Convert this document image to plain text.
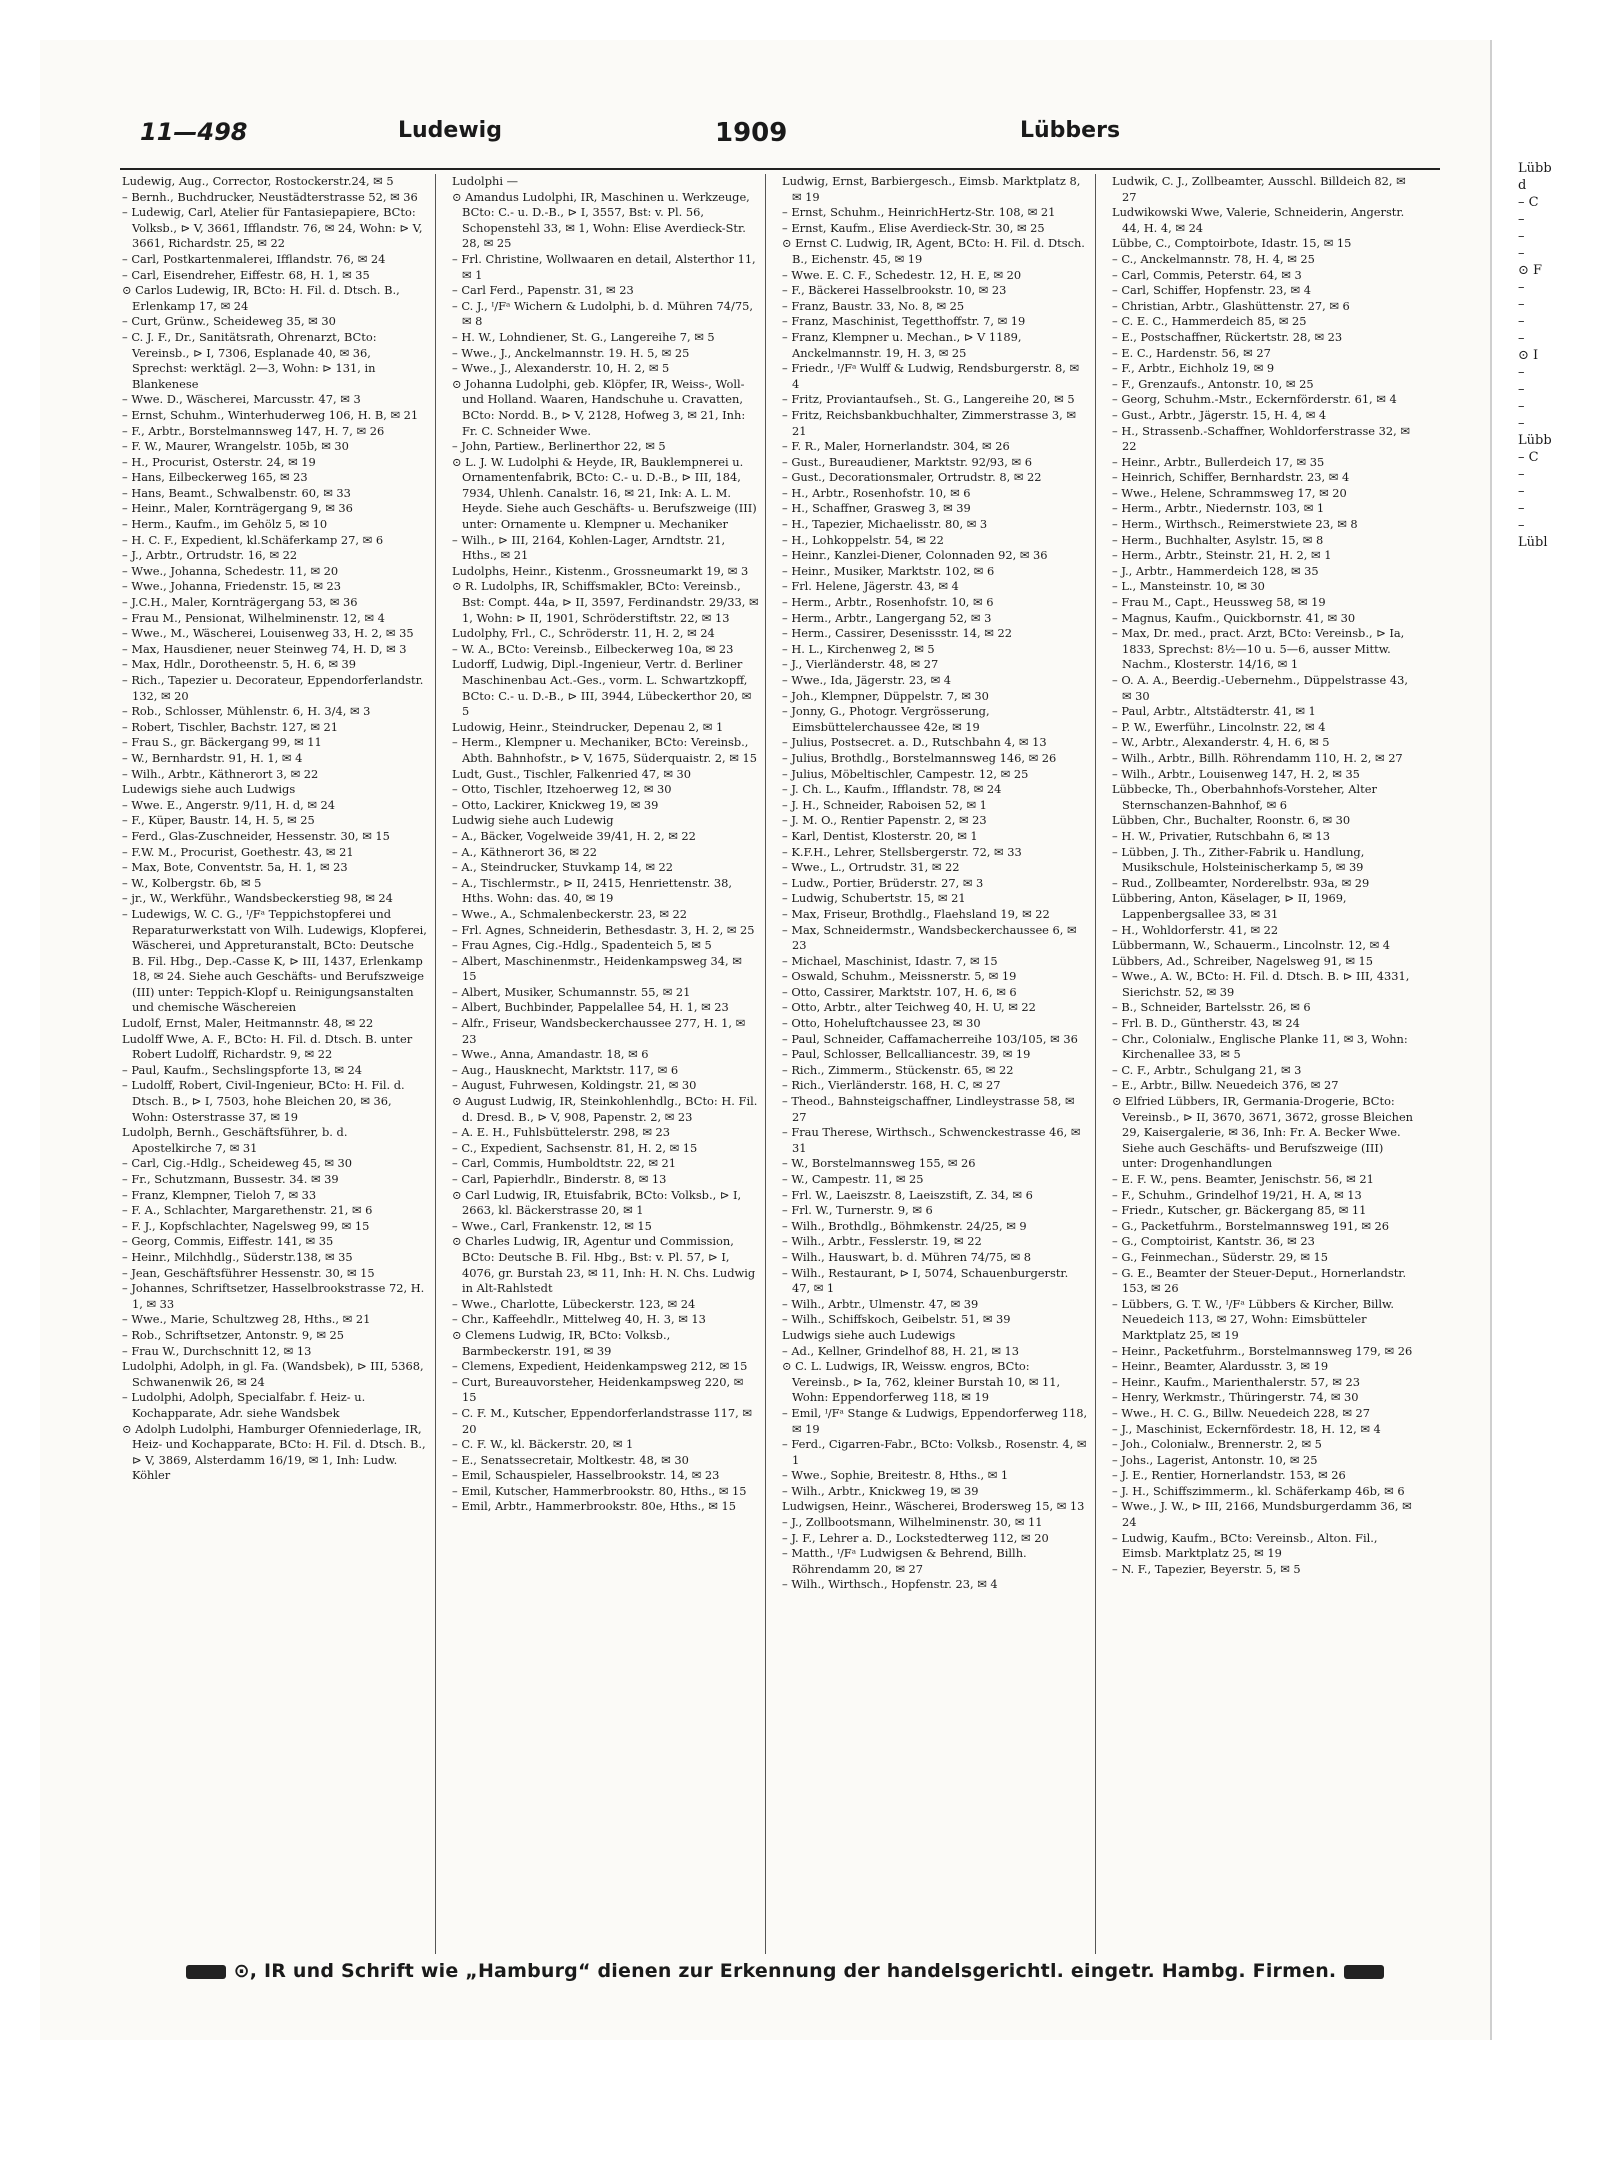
11—498	Ludewig	1909	Lübbers

Ludewig, Aug., Corrector, Rostockerstr.24, ✉ 5

– Bernh., Buchdrucker, Neustädterstrasse 52, ✉ 36

– Ludewig, Carl, Atelier für Fantasiepapiere, BCto: Volksb., ⊳ V, 3661, Ifflandstr. 76, ✉ 24, Wohn: ⊳ V, 3661, Richardstr. 25, ✉ 22

– Carl, Postkartenmalerei, Ifflandstr. 76, ✉ 24

– Carl, Eisendreher, Eiffestr. 68, H. 1, ✉ 35

⊙ Carlos Ludewig, IR, BCto: H. Fil. d. Dtsch. B., Erlenkamp 17, ✉ 24

– Curt, Grünw., Scheideweg 35, ✉ 30

– C. J. F., Dr., Sanitätsrath, Ohrenarzt, BCto: Vereinsb., ⊳ I, 7306, Esplanade 40, ✉ 36, Sprechst: werktägl. 2—3, Wohn: ⊳ 131, in Blankenese

– Wwe. D., Wäscherei, Marcusstr. 47, ✉ 3

– Ernst, Schuhm., Winterhuderweg 106, H. B, ✉ 21

– F., Arbtr., Borstelmannsweg 147, H. 7, ✉ 26

– F. W., Maurer, Wrangelstr. 105b, ✉ 30

– H., Procurist, Osterstr. 24, ✉ 19

– Hans, Eilbeckerweg 165, ✉ 23

– Hans, Beamt., Schwalbenstr. 60, ✉ 33

– Heinr., Maler, Kornträgergang 9, ✉ 36

– Herm., Kaufm., im Gehölz 5, ✉ 10

– H. C. F., Expedient, kl.Schäferkamp 27, ✉ 6

– J., Arbtr., Ortrudstr. 16, ✉ 22

– Wwe., Johanna, Schedestr. 11, ✉ 20

– Wwe., Johanna, Friedenstr. 15, ✉ 23

– J.C.H., Maler, Kornträgergang 53, ✉ 36

– Frau M., Pensionat, Wilhelminenstr. 12, ✉ 4

– Wwe., M., Wäscherei, Louisenweg 33, H. 2, ✉ 35

– Max, Hausdiener, neuer Steinweg 74, H. D, ✉ 3

– Max, Hdlr., Dorotheenstr. 5, H. 6, ✉ 39

– Rich., Tapezier u. Decorateur, Eppendorferlandstr. 132, ✉ 20

– Rob., Schlosser, Mühlenstr. 6, H. 3/4, ✉ 3

– Robert, Tischler, Bachstr. 127, ✉ 21

– Frau S., gr. Bäckergang 99, ✉ 11

– W., Bernhardstr. 91, H. 1, ✉ 4

– Wilh., Arbtr., Käthnerort 3, ✉ 22

Ludewigs siehe auch Ludwigs

– Wwe. E., Angerstr. 9/11, H. d, ✉ 24

– F., Küper, Baustr. 14, H. 5, ✉ 25

– Ferd., Glas-Zuschneider, Hessenstr. 30, ✉ 15

– F.W. M., Procurist, Goethestr. 43, ✉ 21

– Max, Bote, Conventstr. 5a, H. 1, ✉ 23

– W., Kolbergstr. 6b, ✉ 5

– jr., W., Werkführ., Wandsbeckerstieg 98, ✉ 24

– Ludewigs, W. C. G., ᴵ/Fᵃ Teppichstopferei und Reparaturwerkstatt von Wilh. Ludewigs, Klopferei, Wäscherei, und Appreturanstalt, BCto: Deutsche B. Fil. Hbg., Dep.-Casse K, ⊳ III, 1437, Erlenkamp 18, ✉ 24. Siehe auch Geschäfts- und Berufszweige (III) unter: Teppich-Klopf u. Reinigungsanstalten und chemische Wäschereien

Ludolf, Ernst, Maler, Heitmannstr. 48, ✉ 22

Ludolff Wwe, A. F., BCto: H. Fil. d. Dtsch. B. unter Robert Ludolff, Richardstr. 9, ✉ 22

– Paul, Kaufm., Sechslingspforte 13, ✉ 24

– Ludolff, Robert, Civil-Ingenieur, BCto: H. Fil. d. Dtsch. B., ⊳ I, 7503, hohe Bleichen 20, ✉ 36, Wohn: Osterstrasse 37, ✉ 19

Ludolph, Bernh., Geschäftsführer, b. d. Apostelkirche 7, ✉ 31

– Carl, Cig.-Hdlg., Scheideweg 45, ✉ 30

– Fr., Schutzmann, Bussestr. 34. ✉ 39

– Franz, Klempner, Tieloh 7, ✉ 33

– F. A., Schlachter, Margarethenstr. 21, ✉ 6

– F. J., Kopfschlachter, Nagelsweg 99, ✉ 15

– Georg, Commis, Eiffestr. 141, ✉ 35

– Heinr., Milchhdlg., Süderstr.138, ✉ 35

– Jean, Geschäftsführer Hessenstr. 30, ✉ 15

– Johannes, Schriftsetzer, Hasselbrookstrasse 72, H. 1, ✉ 33

– Wwe., Marie, Schultzweg 28, Hths., ✉ 21

– Rob., Schriftsetzer, Antonstr. 9, ✉ 25

– Frau W., Durchschnitt 12, ✉ 13

Ludolphi, Adolph, in gl. Fa. (Wandsbek), ⊳ III, 5368, Schwanenwik 26, ✉ 24

– Ludolphi, Adolph, Specialfabr. f. Heiz- u. Kochapparate, Adr. siehe Wandsbek

⊙ Adolph Ludolphi, Hamburger Ofenniederlage, IR, Heiz- und Kochapparate, BCto: H. Fil. d. Dtsch. B., ⊳ V, 3869, Alsterdamm 16/19, ✉ 1, Inh: Ludw. Köhler

Ludolphi —

⊙ Amandus Ludolphi, IR, Maschinen u. Werkzeuge, BCto: C.- u. D.-B., ⊳ I, 3557, Bst: v. Pl. 56, Schopenstehl 33, ✉ 1, Wohn: Elise Averdieck-Str. 28, ✉ 25

– Frl. Christine, Wollwaaren en detail, Alsterthor 11, ✉ 1

– Carl Ferd., Papenstr. 31, ✉ 23

– C. J., ᴵ/Fᵃ Wichern & Ludolphi, b. d. Mühren 74/75, ✉ 8

– H. W., Lohndiener, St. G., Langereihe 7, ✉ 5

– Wwe., J., Anckelmannstr. 19. H. 5, ✉ 25

– Wwe., J., Alexanderstr. 10, H. 2, ✉ 5

⊙ Johanna Ludolphi, geb. Klöpfer, IR, Weiss-, Woll- und Holland. Waaren, Handschuhe u. Cravatten, BCto: Nordd. B., ⊳ V, 2128, Hofweg 3, ✉ 21, Inh: Fr. C. Schneider Wwe.

– John, Partiew., Berlinerthor 22, ✉ 5

⊙ L. J. W. Ludolphi & Heyde, IR, Bauklempnerei u. Ornamentenfabrik, BCto: C.- u. D.-B., ⊳ III, 184, 7934, Uhlenh. Canalstr. 16, ✉ 21, Ink: A. L. M. Heyde. Siehe auch Geschäfts- u. Berufszweige (III) unter: Ornamente u. Klempner u. Mechaniker

– Wilh., ⊳ III, 2164, Kohlen-Lager, Arndtstr. 21, Hths., ✉ 21

Ludolphs, Heinr., Kistenm., Grossneumarkt 19, ✉ 3

⊙ R. Ludolphs, IR, Schiffsmakler, BCto: Vereinsb., Bst: Compt. 44a, ⊳ II, 3597, Ferdinandstr. 29/33, ✉ 1, Wohn: ⊳ II, 1901, Schröderstiftstr. 22, ✉ 13

Ludolphy, Frl., C., Schröderstr. 11, H. 2, ✉ 24

– W. A., BCto: Vereinsb., Eilbeckerweg 10a, ✉ 23

Ludorff, Ludwig, Dipl.-Ingenieur, Vertr. d. Berliner Maschinenbau Act.-Ges., vorm. L. Schwartzkopff, BCto: C.- u. D.-B., ⊳ III, 3944, Lübeckerthor 20, ✉ 5

Ludowig, Heinr., Steindrucker, Depenau 2, ✉ 1

– Herm., Klempner u. Mechaniker, BCto: Vereinsb., Abth. Bahnhofstr., ⊳ V, 1675, Süderquaistr. 2, ✉ 15

Ludt, Gust., Tischler, Falkenried 47, ✉ 30

– Otto, Tischler, Itzehoerweg 12, ✉ 30

– Otto, Lackirer, Knickweg 19, ✉ 39

Ludwig siehe auch Ludewig

– A., Bäcker, Vogelweide 39/41, H. 2, ✉ 22

– A., Käthnerort 36, ✉ 22

– A., Steindrucker, Stuvkamp 14, ✉ 22

– A., Tischlermstr., ⊳ II, 2415, Henriettenstr. 38, Hths. Wohn: das. 40, ✉ 19

– Wwe., A., Schmalenbeckerstr. 23, ✉ 22

– Frl. Agnes, Schneiderin, Bethesdastr. 3, H. 2, ✉ 25

– Frau Agnes, Cig.-Hdlg., Spadenteich 5, ✉ 5

– Albert, Maschinenmstr., Heidenkampsweg 34, ✉ 15

– Albert, Musiker, Schumannstr. 55, ✉ 21

– Albert, Buchbinder, Pappelallee 54, H. 1, ✉ 23

– Alfr., Friseur, Wandsbeckerchaussee 277, H. 1, ✉ 23

– Wwe., Anna, Amandastr. 18, ✉ 6

– Aug., Hausknecht, Marktstr. 117, ✉ 6

– August, Fuhrwesen, Koldingstr. 21, ✉ 30

⊙ August Ludwig, IR, Steinkohlenhdlg., BCto: H. Fil. d. Dresd. B., ⊳ V, 908, Papenstr. 2, ✉ 23

– A. E. H., Fuhlsbüttelerstr. 298, ✉ 23

– C., Expedient, Sachsenstr. 81, H. 2, ✉ 15

– Carl, Commis, Humboldtstr. 22, ✉ 21

– Carl, Papierhdlr., Binderstr. 8, ✉ 13

⊙ Carl Ludwig, IR, Etuisfabrik, BCto: Volksb., ⊳ I, 2663, kl. Bäckerstrasse 20, ✉ 1

– Wwe., Carl, Frankenstr. 12, ✉ 15

⊙ Charles Ludwig, IR, Agentur und Commission, BCto: Deutsche B. Fil. Hbg., Bst: v. Pl. 57, ⊳ I, 4076, gr. Burstah 23, ✉ 11, Inh: H. N. Chs. Ludwig in Alt-Rahlstedt

– Wwe., Charlotte, Lübeckerstr. 123, ✉ 24

– Chr., Kaffeehdlr., Mittelweg 40, H. 3, ✉ 13

⊙ Clemens Ludwig, IR, BCto: Volksb., Barmbeckerstr. 191, ✉ 39

– Clemens, Expedient, Heidenkampsweg 212, ✉ 15

– Curt, Bureauvorsteher, Heidenkampsweg 220, ✉ 15

– C. F. M., Kutscher, Eppendorferlandstrasse 117, ✉ 20

– C. F. W., kl. Bäckerstr. 20, ✉ 1

– E., Senatssecretair, Moltkestr. 48, ✉ 30

– Emil, Schauspieler, Hasselbrookstr. 14, ✉ 23

– Emil, Kutscher, Hammerbrookstr. 80, Hths., ✉ 15

– Emil, Arbtr., Hammerbrookstr. 80e, Hths., ✉ 15

Ludwig, Ernst, Barbiergesch., Eimsb. Marktplatz 8, ✉ 19

– Ernst, Schuhm., HeinrichHertz-Str. 108, ✉ 21

– Ernst, Kaufm., Elise Averdieck-Str. 30, ✉ 25

⊙ Ernst C. Ludwig, IR, Agent, BCto: H. Fil. d. Dtsch. B., Eichenstr. 45, ✉ 19

– Wwe. E. C. F., Schedestr. 12, H. E, ✉ 20

– F., Bäckerei Hasselbrookstr. 10, ✉ 23

– Franz, Baustr. 33, No. 8, ✉ 25

– Franz, Maschinist, Tegetthoffstr. 7, ✉ 19

– Franz, Klempner u. Mechan., ⊳ V 1189, Anckelmannstr. 19, H. 3, ✉ 25

– Friedr., ᴵ/Fᵃ Wulff & Ludwig, Rendsburgerstr. 8, ✉ 4

– Fritz, Proviantaufseh., St. G., Langereihe 20, ✉ 5

– Fritz, Reichsbankbuchhalter, Zimmerstrasse 3, ✉ 21

– F. R., Maler, Hornerlandstr. 304, ✉ 26

– Gust., Bureaudiener, Marktstr. 92/93, ✉ 6

– Gust., Decorationsmaler, Ortrudstr. 8, ✉ 22

– H., Arbtr., Rosenhofstr. 10, ✉ 6

– H., Schaffner, Grasweg 3, ✉ 39

– H., Tapezier, Michaelisstr. 80, ✉ 3

– H., Lohkoppelstr. 54, ✉ 22

– Heinr., Kanzlei-Diener, Colonnaden 92, ✉ 36

– Heinr., Musiker, Marktstr. 102, ✉ 6

– Frl. Helene, Jägerstr. 43, ✉ 4

– Herm., Arbtr., Rosenhofstr. 10, ✉ 6

– Herm., Arbtr., Langergang 52, ✉ 3

– Herm., Cassirer, Desenissstr. 14, ✉ 22

– H. L., Kirchenweg 2, ✉ 5

– J., Vierländerstr. 48, ✉ 27

– Wwe., Ida, Jägerstr. 23, ✉ 4

– Joh., Klempner, Düppelstr. 7, ✉ 30

– Jonny, G., Photogr. Vergrösserung, Eimsbüttelerchaussee 42e, ✉ 19

– Julius, Postsecret. a. D., Rutschbahn 4, ✉ 13

– Julius, Brothdlg., Borstelmannsweg 146, ✉ 26

– Julius, Möbeltischler, Campestr. 12, ✉ 25

– J. Ch. L., Kaufm., Ifflandstr. 78, ✉ 24

– J. H., Schneider, Raboisen 52, ✉ 1

– J. M. O., Rentier Papenstr. 2, ✉ 23

– Karl, Dentist, Klosterstr. 20, ✉ 1

– K.F.H., Lehrer, Stellsbergerstr. 72, ✉ 33

– Wwe., L., Ortrudstr. 31, ✉ 22

– Ludw., Portier, Brüderstr. 27, ✉ 3

– Ludwig, Schubertstr. 15, ✉ 21

– Max, Friseur, Brothdlg., Flaehsland 19, ✉ 22

– Max, Schneidermstr., Wandsbeckerchaussee 6, ✉ 23

– Michael, Maschinist, Idastr. 7, ✉ 15

– Oswald, Schuhm., Meissnerstr. 5, ✉ 19

– Otto, Cassirer, Marktstr. 107, H. 6, ✉ 6

– Otto, Arbtr., alter Teichweg 40, H. U, ✉ 22

– Otto, Hoheluftchaussee 23, ✉ 30

– Paul, Schneider, Caffamacherreihe 103/105, ✉ 36

– Paul, Schlosser, Bellcalliancestr. 39, ✉ 19

– Rich., Zimmerm., Stückenstr. 65, ✉ 22

– Rich., Vierländerstr. 168, H. C, ✉ 27

– Theod., Bahnsteigschaffner, Lindleystrasse 58, ✉ 27

– Frau Therese, Wirthsch., Schwenckestrasse 46, ✉ 31

– W., Borstelmannsweg 155, ✉ 26

– W., Campestr. 11, ✉ 25

– Frl. W., Laeiszstr. 8, Laeiszstift, Z. 34, ✉ 6

– Frl. W., Turnerstr. 9, ✉ 6

– Wilh., Brothdlg., Böhmkenstr. 24/25, ✉ 9

– Wilh., Arbtr., Fesslerstr. 19, ✉ 22

– Wilh., Hauswart, b. d. Mühren 74/75, ✉ 8

– Wilh., Restaurant, ⊳ I, 5074, Schauenburgerstr. 47, ✉ 1

– Wilh., Arbtr., Ulmenstr. 47, ✉ 39

– Wilh., Schiffskoch, Geibelstr. 51, ✉ 39

Ludwigs siehe auch Ludewigs

– Ad., Kellner, Grindelhof 88, H. 21, ✉ 13

⊙ C. L. Ludwigs, IR, Weissw. engros, BCto: Vereinsb., ⊳ Ia, 762, kleiner Burstah 10, ✉ 11, Wohn: Eppendorferweg 118, ✉ 19

– Emil, ᴵ/Fᵃ Stange & Ludwigs, Eppendorferweg 118, ✉ 19

– Ferd., Cigarren-Fabr., BCto: Volksb., Rosenstr. 4, ✉ 1

– Wwe., Sophie, Breitestr. 8, Hths., ✉ 1

– Wilh., Arbtr., Knickweg 19, ✉ 39

Ludwigsen, Heinr., Wäscherei, Brodersweg 15, ✉ 13

– J., Zollbootsmann, Wilhelminenstr. 30, ✉ 11

– J. F., Lehrer a. D., Lockstedterweg 112, ✉ 20

– Matth., ᴵ/Fᵃ Ludwigsen & Behrend, Billh. Röhrendamm 20, ✉ 27

– Wilh., Wirthsch., Hopfenstr. 23, ✉ 4

Ludwik, C. J., Zollbeamter, Ausschl. Billdeich 82, ✉ 27

Ludwikowski Wwe, Valerie, Schneiderin, Angerstr. 44, H. 4, ✉ 24

Lübbe, C., Comptoirbote, Idastr. 15, ✉ 15

– C., Anckelmannstr. 78, H. 4, ✉ 25

– Carl, Commis, Peterstr. 64, ✉ 3

– Carl, Schiffer, Hopfenstr. 23, ✉ 4

– Christian, Arbtr., Glashüttenstr. 27, ✉ 6

– C. E. C., Hammerdeich 85, ✉ 25

– E., Postschaffner, Rückertstr. 28, ✉ 23

– E. C., Hardenstr. 56, ✉ 27

– F., Arbtr., Eichholz 19, ✉ 9

– F., Grenzaufs., Antonstr. 10, ✉ 25

– Georg, Schuhm.-Mstr., Eckernförderstr. 61, ✉ 4

– Gust., Arbtr., Jägerstr. 15, H. 4, ✉ 4

– H., Strassenb.-Schaffner, Wohldorferstrasse 32, ✉ 22

– Heinr., Arbtr., Bullerdeich 17, ✉ 35

– Heinrich, Schiffer, Bernhardstr. 23, ✉ 4

– Wwe., Helene, Schrammsweg 17, ✉ 20

– Herm., Arbtr., Niedernstr. 103, ✉ 1

– Herm., Wirthsch., Reimerstwiete 23, ✉ 8

– Herm., Buchhalter, Asylstr. 15, ✉ 8

– Herm., Arbtr., Steinstr. 21, H. 2, ✉ 1

– J., Arbtr., Hammerdeich 128, ✉ 35

– L., Mansteinstr. 10, ✉ 30

– Frau M., Capt., Heussweg 58, ✉ 19

– Magnus, Kaufm., Quickbornstr. 41, ✉ 30

– Max, Dr. med., pract. Arzt, BCto: Vereinsb., ⊳ Ia, 1833, Sprechst: 8½—10 u. 5—6, ausser Mittw. Nachm., Klosterstr. 14/16, ✉ 1

– O. A. A., Beerdig.-Uebernehm., Düppelstrasse 43, ✉ 30

– Paul, Arbtr., Altstädterstr. 41, ✉ 1

– P. W., Ewerführ., Lincolnstr. 22, ✉ 4

– W., Arbtr., Alexanderstr. 4, H. 6, ✉ 5

– Wilh., Arbtr., Billh. Röhrendamm 110, H. 2, ✉ 27

– Wilh., Arbtr., Louisenweg 147, H. 2, ✉ 35

Lübbecke, Th., Oberbahnhofs-Vorsteher, Alter Sternschanzen-Bahnhof, ✉ 6

Lübben, Chr., Buchalter, Roonstr. 6, ✉ 30

– H. W., Privatier, Rutschbahn 6, ✉ 13

– Lübben, J. Th., Zither-Fabrik u. Handlung, Musikschule, Holsteinischerkamp 5, ✉ 39

– Rud., Zollbeamter, Norderelbstr. 93a, ✉ 29

Lübbering, Anton, Käselager, ⊳ II, 1969, Lappenbergsallee 33, ✉ 31

– H., Wohldorferstr. 41, ✉ 22

Lübbermann, W., Schauerm., Lincolnstr. 12, ✉ 4

Lübbers, Ad., Schreiber, Nagelsweg 91, ✉ 15

– Wwe., A. W., BCto: H. Fil. d. Dtsch. B. ⊳ III, 4331, Sierichstr. 52, ✉ 39

– B., Schneider, Bartelsstr. 26, ✉ 6

– Frl. B. D., Güntherstr. 43, ✉ 24

– Chr., Colonialw., Englische Planke 11, ✉ 3, Wohn: Kirchenallee 33, ✉ 5

– C. F., Arbtr., Schulgang 21, ✉ 3

– E., Arbtr., Billw. Neuedeich 376, ✉ 27

⊙ Elfried Lübbers, IR, Germania-Drogerie, BCto: Vereinsb., ⊳ II, 3670, 3671, 3672, grosse Bleichen 29, Kaisergalerie, ✉ 36, Inh: Fr. A. Becker Wwe. Siehe auch Geschäfts- und Berufszweige (III) unter: Drogenhandlungen

– E. F. W., pens. Beamter, Jenischstr. 56, ✉ 21

– F., Schuhm., Grindelhof 19/21, H. A, ✉ 13

– Friedr., Kutscher, gr. Bäckergang 85, ✉ 11

– G., Packetfuhrm., Borstelmannsweg 191, ✉ 26

– G., Comptoirist, Kantstr. 36, ✉ 23

– G., Feinmechan., Süderstr. 29, ✉ 15

– G. E., Beamter der Steuer-Deput., Hornerlandstr. 153, ✉ 26

– Lübbers, G. T. W., ᴵ/Fᵃ Lübbers & Kircher, Billw. Neuedeich 113, ✉ 27, Wohn: Eimsbütteler Marktplatz 25, ✉ 19

– Heinr., Packetfuhrm., Borstelmannsweg 179, ✉ 26

– Heinr., Beamter, Alardusstr. 3, ✉ 19

– Heinr., Kaufm., Marienthalerstr. 57, ✉ 23

– Henry, Werkmstr., Thüringerstr. 74, ✉ 30

– Wwe., H. C. G., Billw. Neuedeich 228, ✉ 27

– J., Maschinist, Eckernfördestr. 18, H. 12, ✉ 4

– Joh., Colonialw., Brennerstr. 2, ✉ 5

– Johs., Lagerist, Antonstr. 10, ✉ 25

– J. E., Rentier, Hornerlandstr. 153, ✉ 26

– J. H., Schiffszimmerm., kl. Schäferkamp 46b, ✉ 6

– Wwe., J. W., ⊳ III, 2166, Mundsburgerdamm 36, ✉ 24

– Ludwig, Kaufm., BCto: Vereinsb., Alton. Fil., Eimsb. Marktplatz 25, ✉ 19

– N. F., Tapezier, Beyerstr. 5, ✉ 5

Lübb
d
– C
–
–
–
⊙ F
–
–
–
–
⊙ I
–
–
–
–
Lübb
– C
–
–
–
–
Lübl
⊙, IR und Schrift wie „Hamburg“ dienen zur Erkennung der handelsgerichtl. eingetr. Hambg. Firmen.
